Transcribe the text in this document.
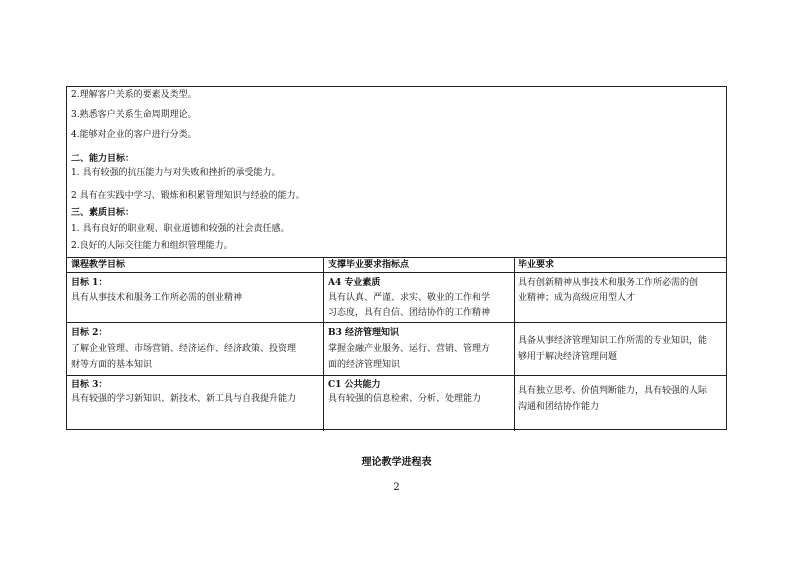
2.理解客户关系的要素及类型。
3.熟悉客户关系生命周期理论。
4.能够对企业的客户进行分类。
二、能力目标：
1. 具有较强的抗压能力与对失败和挫折的承受能力。
2 具有在实践中学习、锻炼和积累管理知识与经验的能力。
三、素质目标：
1. 具有良好的职业观、职业道德和较强的社会责任感。
2.良好的人际交往能力和组织管理能力。
课程教学目标	支撑毕业要求指标点	毕业要求
目标 1：
具有从事技术和服务工作所必需的创业精神
A4 专业素质
具有认真、严谨、求实、敬业的工作和学
习态度，具有自信、团结协作的工作精神
具有创新精神从事技术和服务工作所必需的创
业精神；成为高级应用型人才
目标 2：
了解企业管理、市场营销、经济运作、经济政策、投资理
财等方面的基本知识
B3 经济管理知识
掌握金融产业服务、运行、营销、管理方
面的经济管理知识
具备从事经济管理知识工作所需的专业知识，能
够用于解决经济管理问题
目标 3：
具有较强的学习新知识、新技术、新工具与自我提升能力
C1 公共能力
具有较强的信息检索、分析、处理能力
具有独立思考、价值判断能力，具有较强的人际
沟通和团结协作能力
理论教学进程表
2
